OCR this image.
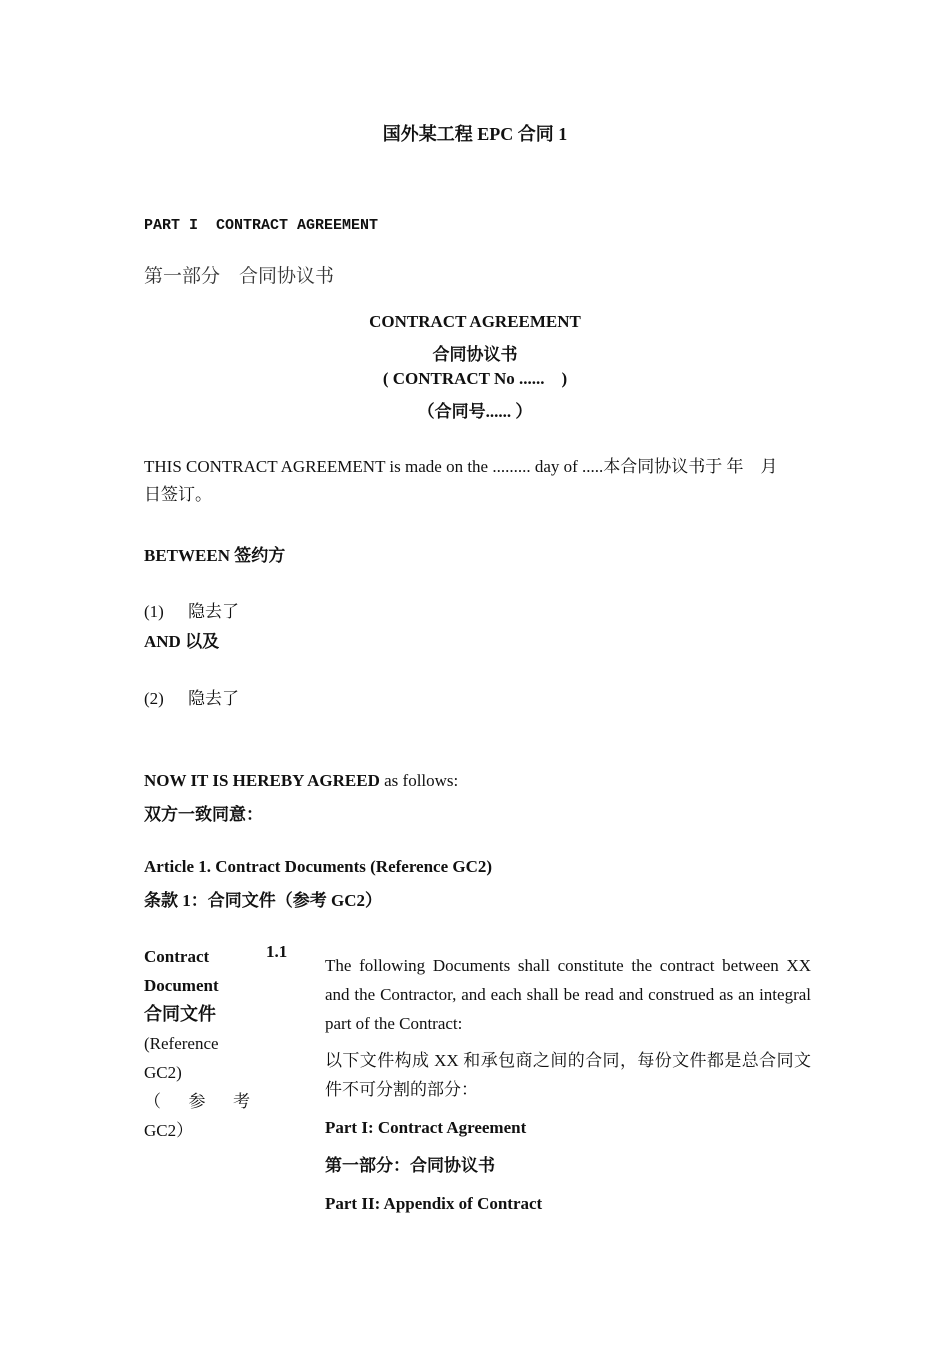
国外某工程 EPC 合同 1
PART I  CONTRACT AGREEMENT
第一部分　合同协议书
CONTRACT AGREEMENT
合同协议书
( CONTRACT No ......    )
（合同号...... ）
THIS CONTRACT AGREEMENT is made on the ......... day of .....本合同协议书于 年　月　日签订。
BETWEEN 签约方
(1) 隐去了
AND 以及
(2) 隐去了
NOW IT IS HEREBY AGREED as follows:
双方一致同意：
Article 1. Contract Documents (Reference GC2)
条款 1：合同文件（参考 GC2）
Contract
Document
合同文件
(Reference
GC2)
（ 参 考
GC2）
1.1

The following Documents shall constitute the contract between XX and the Contractor, and each shall be read and construed as an integral part of the Contract:

以下文件构成 XX 和承包商之间的合同，每份文件都是总合同文件不可分割的部分：

Part I: Contract Agreement

第一部分：合同协议书

Part II: Appendix of Contract
